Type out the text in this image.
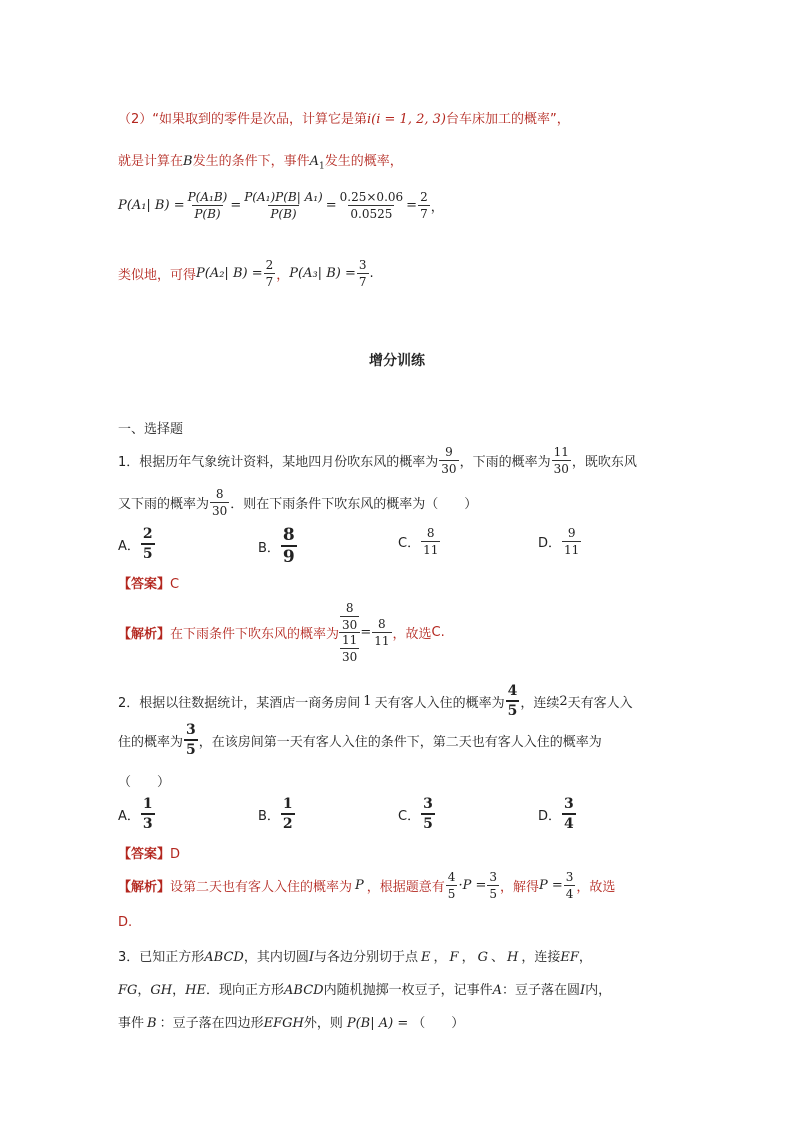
（2）“如果取到的零件是次品，计算它是第i(i = 1, 2, 3)台车床加工的概率”，
就是计算在B发生的条件下，事件$A_1$发生的概率，
P(A₁| $B) = \frac{\text{P(A₁B)}}{P(B)} = \frac{\text{P(A₁)P(B| A₁)}}{P(B)} = \frac{0.25\times 0.06}{0.0525} = \frac{2}{7}$ ，
类似地，可得 P(A₂| $B) = \frac{2}{7}$ ， P(A₃| $B) = \frac{3}{7}$ .
增分训练
一、选择题
1．根据历年气象统计资料，某地四月份吹东风的概率为 $\frac{9}{30}$ ，下雨的概率为 $\frac{11}{30}$ ，既吹东风
又下雨的概率为 $\frac{8}{30}$ ．则在下雨条件下吹东风的概率为（　　）
A． $\frac{2}{5}$	B． $\frac{8}{9}$	C． $\frac{8}{11}$	D． $\frac{9}{11}$
【答案】C
【解析】 在下雨条件下吹东风的概率为 $\frac{\frac{8}{30}}{\frac{11}{30}} = \frac{8}{11}$ ，故选 C.
2．根据以往数据统计，某酒店一商务房间 1 天有客人入住的概率为 $\frac{4}{5}$ ，连续 2 天有客人入
住的概率为 $\frac{3}{5}$ ，在该房间第一天有客人入住的条件下，第二天也有客人入住的概率为
（　　）
A． $\frac{1}{3}$	B． $\frac{1}{2}$	C． $\frac{3}{5}$	D． $\frac{3}{4}$
【答案】D
【解析】 设第二天也有客人入住的概率为 P ，根据题意有 $\frac{4}{5} \cdot P = \frac{3}{5}$ ，解得 $P = \frac{3}{4}$ ，故选
D.
3．已知正方形ABCD，其内切圆I与各边分别切于点 E ， F ， G 、 H ，连接EF，
FG，GH，HE．现向正方形ABCD内随机抛掷一枚豆子，记事件A：豆子落在圆I内，
事件 B ：豆子落在四边形EFGH外，则 P(B| A) = （　　）
